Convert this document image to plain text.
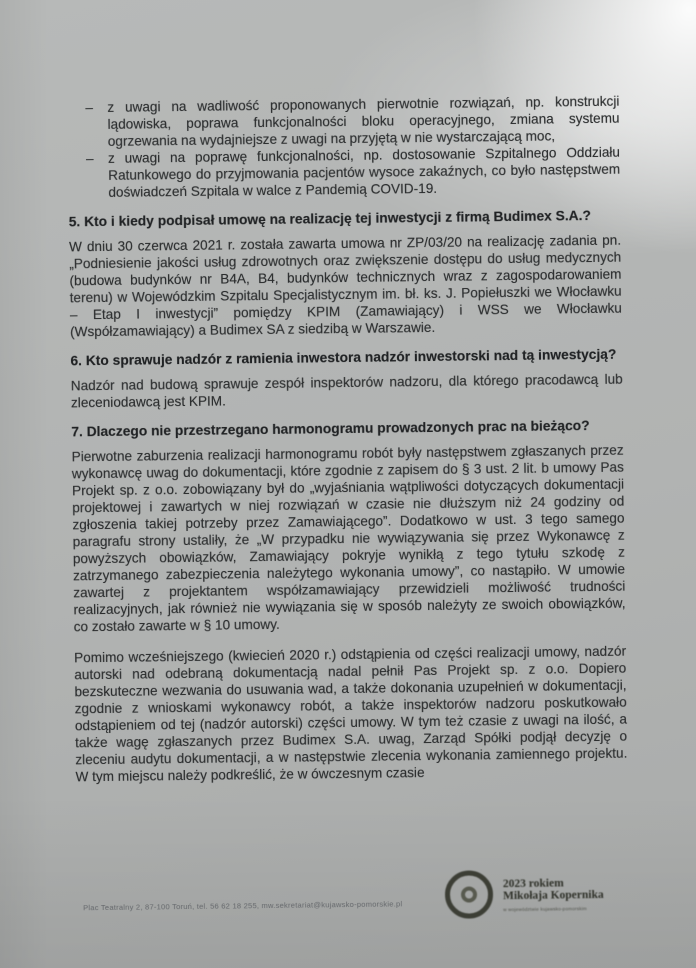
–	z uwagi na wadliwość proponowanych pierwotnie rozwiązań, np. konstrukcji lądowiska, poprawa funkcjonalności bloku operacyjnego, zmiana systemu ogrzewania na wydajniejsze z uwagi na przyjętą w nie wystarczającą moc,
–	z uwagi na poprawę funkcjonalności, np. dostosowanie Szpitalnego Oddziału Ratunkowego do przyjmowania pacjentów wysoce zakaźnych, co było następstwem doświadczeń Szpitala w walce z Pandemią COVID-19.
5. Kto i kiedy podpisał umowę na realizację tej inwestycji z firmą Budimex S.A.?

W dniu 30 czerwca 2021 r. została zawarta umowa nr ZP/03/20 na realizację zadania pn. „Podniesienie jakości usług zdrowotnych oraz zwiększenie dostępu do usług medycznych (budowa budynków nr B4A, B4, budynków technicznych wraz z zagospodarowaniem terenu) w Wojewódzkim Szpitalu Specjalistycznym im. bł. ks. J. Popiełuszki we Włocławku – Etap I inwestycji” pomiędzy KPIM (Zamawiający) i WSS we Włocławku (Współzamawiający) a Budimex SA z siedzibą w Warszawie.

6. Kto sprawuje nadzór z ramienia inwestora nadzór inwestorski nad tą inwestycją?

Nadzór nad budową sprawuje zespół inspektorów nadzoru, dla którego pracodawcą lub zleceniodawcą jest KPIM.

7. Dlaczego nie przestrzegano harmonogramu prowadzonych prac na bieżąco?

Pierwotne zaburzenia realizacji harmonogramu robót były następstwem zgłaszanych przez wykonawcę uwag do dokumentacji, które zgodnie z zapisem do § 3 ust. 2 lit. b umowy Pas Projekt sp. z o.o. zobowiązany był do „wyjaśniania wątpliwości dotyczących dokumentacji projektowej i zawartych w niej rozwiązań w czasie nie dłuższym niż 24 godziny od zgłoszenia takiej potrzeby przez Zamawiającego”. Dodatkowo w ust. 3 tego samego paragrafu strony ustaliły, że „W przypadku nie wywiązywania się przez Wykonawcę z powyższych obowiązków, Zamawiający pokryje wynikłą z tego tytułu szkodę z zatrzymanego zabezpieczenia należytego wykonania umowy”, co nastąpiło. W umowie zawartej z projektantem współzamawiający przewidzieli możliwość trudności realizacyjnych, jak również nie wywiązania się w sposób należyty ze swoich obowiązków, co zostało zawarte w § 10 umowy.

Pomimo wcześniejszego (kwiecień 2020 r.) odstąpienia od części realizacji umowy, nadzór autorski nad odebraną dokumentacją nadal pełnił Pas Projekt sp. z o.o. Dopiero bezskuteczne wezwania do usuwania wad, a także dokonania uzupełnień w dokumentacji, zgodnie z wnioskami wykonawcy robót, a także inspektorów nadzoru poskutkowało odstąpieniem od tej (nadzór autorski) części umowy. W tym też czasie z uwagi na ilość, a także wagę zgłaszanych przez Budimex S.A. uwag, Zarząd Spółki podjął decyzję o zleceniu audytu dokumentacji, a w następstwie zlecenia wykonania zamiennego projektu. W tym miejscu należy podkreślić, że w ówczesnym czasie

Plac Teatralny 2, 87-100 Toruń, tel. 56 62 18 255, mw.sekretariat@kujawsko-pomorskie.pl
2023 rokiem
Mikołaja Kopernika
w województwie kujawsko-pomorskim
